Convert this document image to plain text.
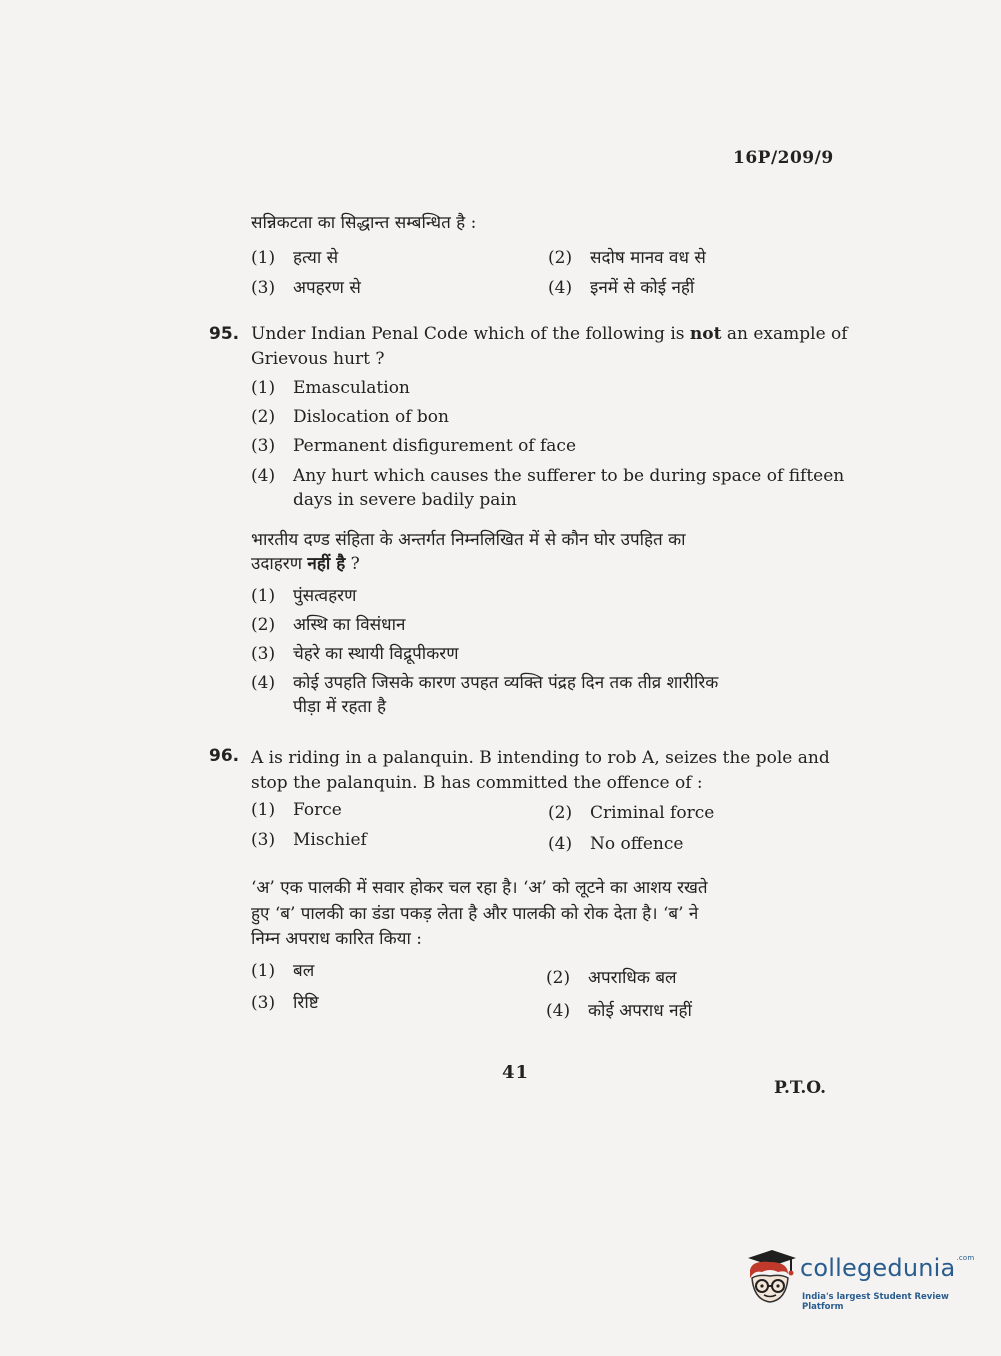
16P/209/9
सन्निकटता का सिद्धान्त सम्बन्धित है :
(1) हत्या से	(2) सदोष मानव वध से
(3) अपहरण से	(4) इनमें से कोई नहीं
95. Under Indian Penal Code which of the following is not an example of
Grievous hurt ?
(1) Emasculation
(2) Dislocation of bon
(3) Permanent disfigurement of face
(4) Any hurt which causes the sufferer to be during space of fifteen
days in severe badily pain
भारतीय दण्ड संहिता के अन्तर्गत निम्नलिखित में से कौन घोर उपहित का
उदाहरण नहीं है ?
(1) पुंसत्वहरण
(2) अस्थि का विसंधान
(3) चेहरे का स्थायी विद्रूपीकरण
(4) कोई उपहति जिसके कारण उपहत व्यक्ति पंद्रह दिन तक तीव्र शारीरिक
पीड़ा में रहता है
96. A is riding in a palanquin. B intending to rob A, seizes the pole and
stop the palanquin. B has committed the offence of :
(1) Force	(2) Criminal force
(3) Mischief	(4) No offence
‘अ’ एक पालकी में सवार होकर चल रहा है। ‘अ’ को लूटने का आशय रखते
हुए ‘ब’ पालकी का डंडा पकड़ लेता है और पालकी को रोक देता है। ‘ब’ ने
निम्न अपराध कारित किया :
(1) बल	(2) अपराधिक बल
(3) रिष्टि	(4) कोई अपराध नहीं
41
P.T.O.
collegedunia$^{.com}$
India's largest Student Review Platform
